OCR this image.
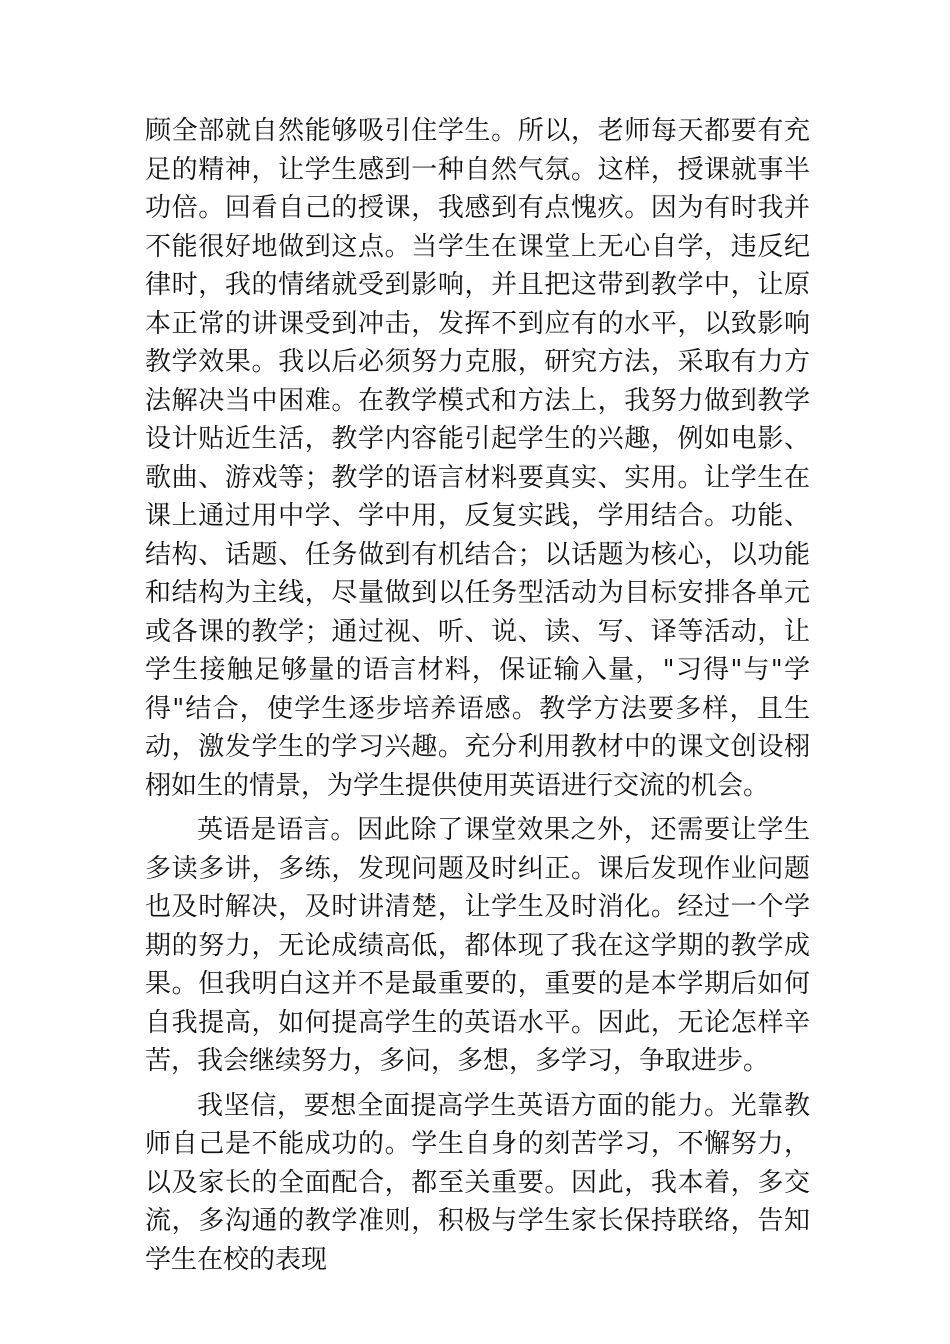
顾全部就自然能够吸引住学生。所以，老师每天都要有充足的精神，让学生感到一种自然气氛。这样，授课就事半功倍。回看自己的授课，我感到有点愧疚。因为有时我并不能很好地做到这点。当学生在课堂上无心自学，违反纪律时，我的情绪就受到影响，并且把这带到教学中，让原本正常的讲课受到冲击，发挥不到应有的水平，以致影响教学效果。我以后必须努力克服，研究方法，采取有力方法解决当中困难。在教学模式和方法上，我努力做到教学设计贴近生活，教学内容能引起学生的兴趣，例如电影、歌曲、游戏等；教学的语言材料要真实、实用。让学生在课上通过用中学、学中用，反复实践，学用结合。功能、结构、话题、任务做到有机结合；以话题为核心，以功能和结构为主线，尽量做到以任务型活动为目标安排各单元或各课的教学；通过视、听、说、读、写、译等活动，让学生接触足够量的语言材料，保证输入量，"习得"与"学得"结合，使学生逐步培养语感。教学方法要多样，且生动，激发学生的学习兴趣。充分利用教材中的课文创设栩栩如生的情景，为学生提供使用英语进行交流的机会。

英语是语言。因此除了课堂效果之外，还需要让学生多读多讲，多练，发现问题及时纠正。课后发现作业问题也及时解决，及时讲清楚，让学生及时消化。经过一个学期的努力，无论成绩高低，都体现了我在这学期的教学成果。但我明白这并不是最重要的，重要的是本学期后如何自我提高，如何提高学生的英语水平。因此，无论怎样辛苦，我会继续努力，多问，多想，多学习，争取进步。

我坚信，要想全面提高学生英语方面的能力。光靠教师自己是不能成功的。学生自身的刻苦学习，不懈努力，以及家长的全面配合，都至关重要。因此，我本着，多交流，多沟通的教学准则，积极与学生家长保持联络，告知学生在校的表现
